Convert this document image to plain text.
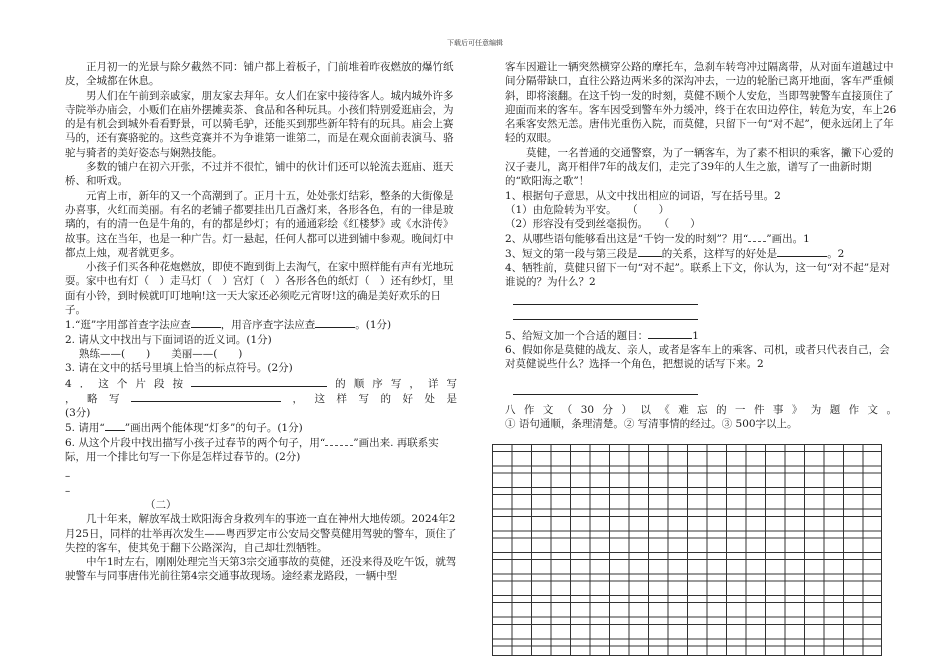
下载后可任意编辑

正月初一的光景与除夕截然不同：铺户都上着板子，门前堆着昨夜燃放的爆竹纸皮，全城都在休息。

男人们在午前到亲戚家，朋友家去拜年。女人们在家中接待客人。城内城外许多寺院举办庙会，小贩们在庙外摆摊卖茶、食品和各种玩具。小孩们特别爱逛庙会，为的是有机会到城外看看野景，可以骑毛驴，还能买到那些新年特有的玩具。庙会上赛马的，还有赛骆驼的。这些竞赛并不为争谁第一谁第二，而是在观众面前表演马、骆驼与骑者的美好姿态与娴熟技能。

多数的铺户在初六开张，不过并不很忙，铺中的伙计们还可以轮流去逛庙、逛天桥、和听戏。

元宵上市，新年的又一个高潮到了。正月十五，处处张灯结彩，整条的大街像是办喜事，火红而美丽。有名的老铺子都要挂出几百盏灯来，各形各色，有的一律是玻璃的，有的清一色是牛角的，有的都是纱灯；有的通通彩绘《红楼梦》或《水浒传》故事。这在当年，也是一种广告。灯一悬起，任何人都可以进到铺中参观。晚间灯中都点上烛，观者就更多。

小孩子们买各种花炮燃放，即使不跑到街上去淘气，在家中照样能有声有光地玩耍。家中也有灯（　）走马灯（　）宫灯（　）各形各色的纸灯（　）还有纱灯，里面有小铃，到时候就叮叮地响!这一天大家还必须吃元宵呀!这的确是美好欢乐的日子。

1.“逛”字用部首查字法应查	，用音序查字法应查	。(1分)

2. 请从文中找出与下面词语的近义词。(1分)

熟练——(　　)　　美丽——(　　)

3. 请在文中的括号里填上恰当的标点符号。(2分)

4．这个片段按	的顺序写，详写

，略写	，这样写的好处是

(3分)

5. 请用“ ”画出两个能体现“灯多”的句子。(1分)

6. 从这个片段中找出描写小孩子过春节的两个句子，用“	”画出来. 再联系实际，用一个排比句写一下你是怎样过春节的。(2分)

–
–

（二）

几十年来，解放军战士欧阳海舍身救列车的事迹一直在神州大地传颂。2024年2月25日，同样的壮举再次发生——粤西罗定市公安局交警莫健用驾驶的警车，顶住了失控的客车，使其免于翻下公路深沟，自己却壮烈牺牲。

中午1时左右，刚刚处理完当天第3宗交通事故的莫健，还没来得及吃午饭，就驾驶警车与同事唐伟光前往第4宗交通事故现场。途经素龙路段，一辆中型

客车因避让一辆突然横穿公路的摩托车，急刹车转弯冲过隔离带，从对面车道越过中间分隔带缺口，直往公路边两米多的深沟冲去，一边的轮胎已离开地面，客车严重倾斜，即将滚翻。在这千钧一发的时刻，莫健不顾个人安危，当即驾驶警车直接顶住了迎面而来的客车。客车因受到警车外力缓冲，终于在农田边停住，转危为安，车上26名乘客安然无恙。唐伟光重伤入院，而莫健，只留下一句“对不起”，便永远闭上了年轻的双眼。

莫健，一名普通的交通警察，为了一辆客车，为了素不相识的乘客，撇下心爱的汉子妻儿，离开相伴7年的战友们，走完了39年的人生之旅，谱写了一曲新时期的“欧阳海之歌”！

1、根据句子意思，从文中找出相应的词语，写在括号里。2

（1）由危险转为平安。　　（　　）

（2）形容没有受到丝毫损伤。　　（　　）

2、从哪些语句能够看出这是“千钧一发的时刻”？用“ ”画出。1

3、短文的第一段与第三段是 的关系，这样写的好处是	。2

4、牺牲前，莫健只留下一句“对不起”。联系上下文，你认为，这一句“对不起”是对谁说的？为什么？2

5、给短文加一个合适的题目：	1

6、假如你是莫健的战友、亲人，或者是客车上的乘客、司机，或者只代表自己，会对莫健说些什么？选择一个角色，把想说的话写下来。2

八作文（30分）以《难忘的一件事》为题作文。

① 语句通顺，条理清楚。② 写清事情的经过。③ 500字以上。
